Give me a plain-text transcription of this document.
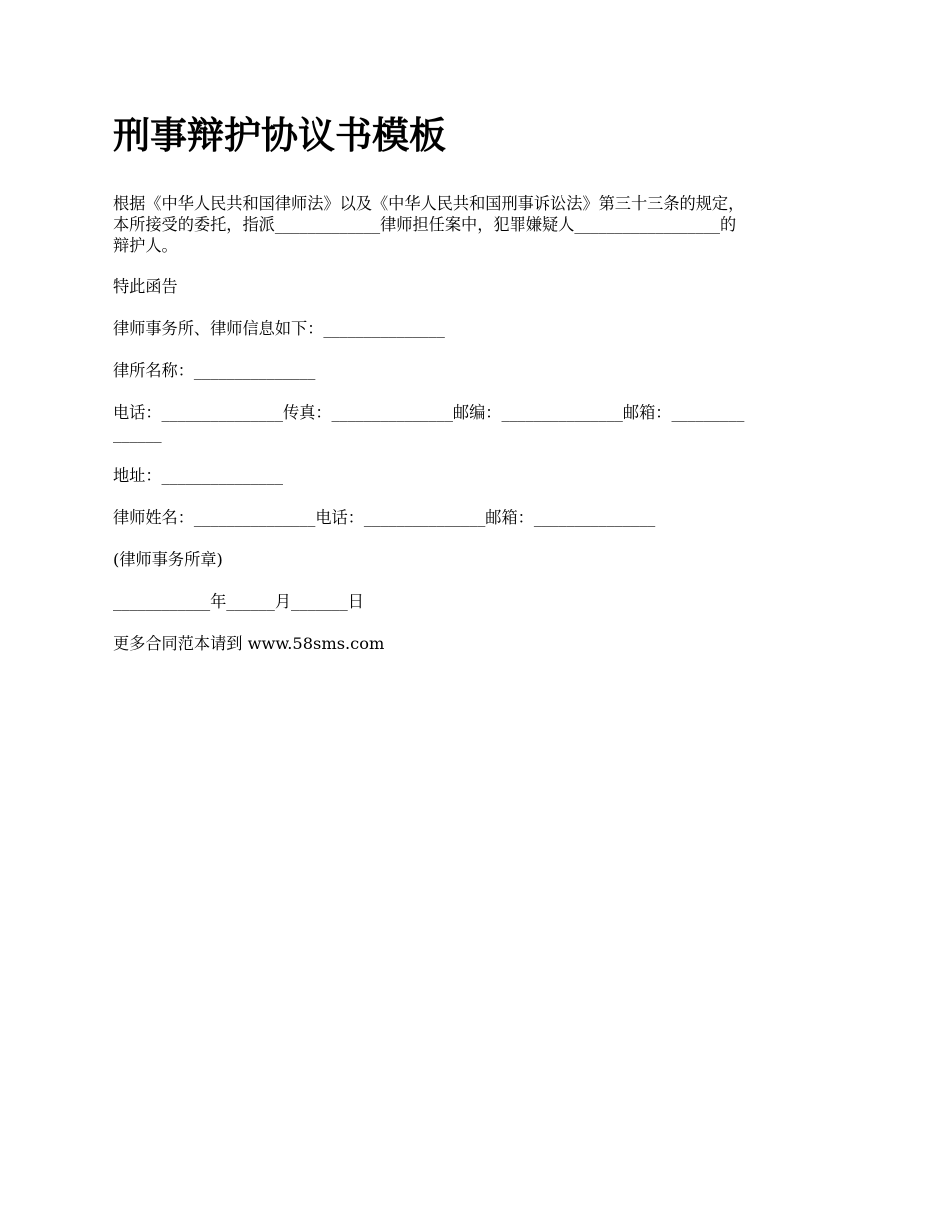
刑事辩护协议书模板

根据《中华人民共和国律师法》以及《中华人民共和国刑事诉讼法》第三十三条的规定，
本所接受的委托，指派_____________律师担任案中，犯罪嫌疑人__________________的
辩护人。

特此函告

律师事务所、律师信息如下：_______________

律所名称：_______________

电话：_______________传真：_______________邮编：_______________邮箱：_________
______

地址：_______________

律师姓名：_______________电话：_______________邮箱：_______________

(律师事务所章)

____________年______月_______日

更多合同范本请到 www.58sms.com
